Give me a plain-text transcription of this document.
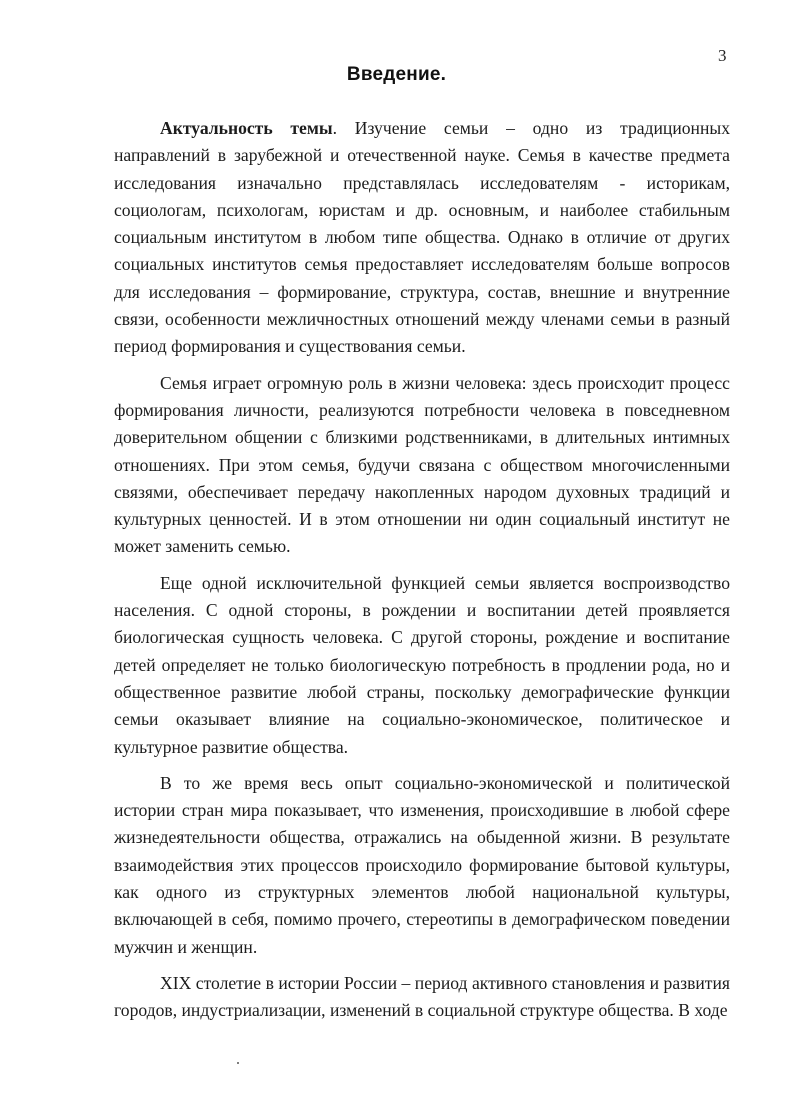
3
Введение.

Актуальность темы. Изучение семьи – одно из традиционных направлений в зарубежной и отечественной науке. Семья в качестве предмета исследования изначально представлялась исследователям - историкам, социологам, психологам, юристам и др. основным, и наиболее стабильным социальным институтом в любом типе общества. Однако в отличие от других социальных институтов семья предоставляет исследователям больше вопросов для исследования – формирование, структура, состав, внешние и внутренние связи, особенности межличностных отношений между членами семьи в разный период формирования и существования семьи.

Семья играет огромную роль в жизни человека: здесь происходит процесс формирования личности, реализуются потребности человека в повседневном доверительном общении с близкими родственниками, в длительных интимных отношениях. При этом семья, будучи связана с обществом многочисленными связями, обеспечивает передачу накопленных народом духовных традиций и культурных ценностей. И в этом отношении ни один социальный институт не может заменить семью.

Еще одной исключительной функцией семьи является воспроизводство населения. С одной стороны, в рождении и воспитании детей проявляется биологическая сущность человека. С другой стороны, рождение и воспитание детей определяет не только биологическую потребность в продлении рода, но и общественное развитие любой страны, поскольку демографические функции семьи оказывает влияние на социально-экономическое, политическое и культурное развитие общества.

В то же время весь опыт социально-экономической и политической истории стран мира показывает, что изменения, происходившие в любой сфере жизнедеятельности общества, отражались на обыденной жизни. В результате взаимодействия этих процессов происходило формирование бытовой культуры, как одного из структурных элементов любой национальной культуры, включающей в себя, помимо прочего, стереотипы в демографическом поведении мужчин и женщин.

XIX столетие в истории России – период активного становления и развития городов, индустриализации, изменений в социальной структуре общества. В ходе
